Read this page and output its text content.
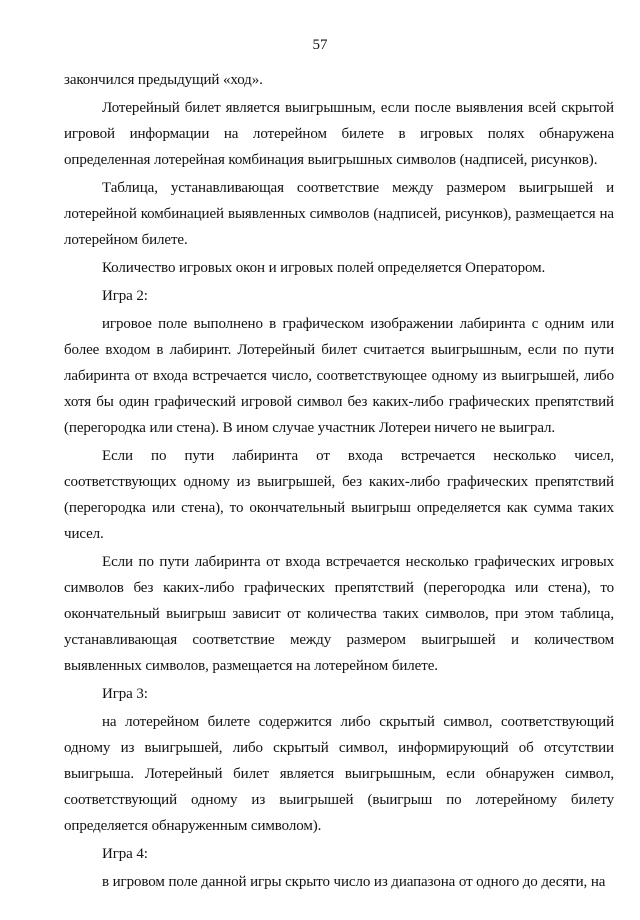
57

закончился предыдущий «ход».

Лотерейный билет является выигрышным, если после выявления всей скрытой игровой информации на лотерейном билете в игровых полях обнаружена определенная лотерейная комбинация выигрышных символов (надписей, рисунков).

Таблица, устанавливающая соответствие между размером выигрышей и лотерейной комбинацией выявленных символов (надписей, рисунков), размещается на лотерейном билете.

Количество игровых окон и игровых полей определяется Оператором.

Игра 2:

игровое поле выполнено в графическом изображении лабиринта с одним или более входом в лабиринт. Лотерейный билет считается выигрышным, если по пути лабиринта от входа встречается число, соответствующее одному из выигрышей, либо хотя бы один графический игровой символ без каких-либо графических препятствий (перегородка или стена). В ином случае участник Лотереи ничего не выиграл.

Если по пути лабиринта от входа встречается несколько чисел, соответствующих одному из выигрышей, без каких-либо графических препятствий (перегородка или стена), то окончательный выигрыш определяется как сумма таких чисел.

Если по пути лабиринта от входа встречается несколько графических игровых символов без каких-либо графических препятствий (перегородка или стена), то окончательный выигрыш зависит от количества таких символов, при этом таблица, устанавливающая соответствие между размером выигрышей и количеством выявленных символов, размещается на лотерейном билете.

Игра 3:

на лотерейном билете содержится либо скрытый символ, соответствующий одному из выигрышей, либо скрытый символ, информирующий об отсутствии выигрыша. Лотерейный билет является выигрышным, если обнаружен символ, соответствующий одному из выигрышей (выигрыш по лотерейному билету определяется обнаруженным символом).

Игра 4:

в игровом поле данной игры скрыто число из диапазона от одного до десяти, на
